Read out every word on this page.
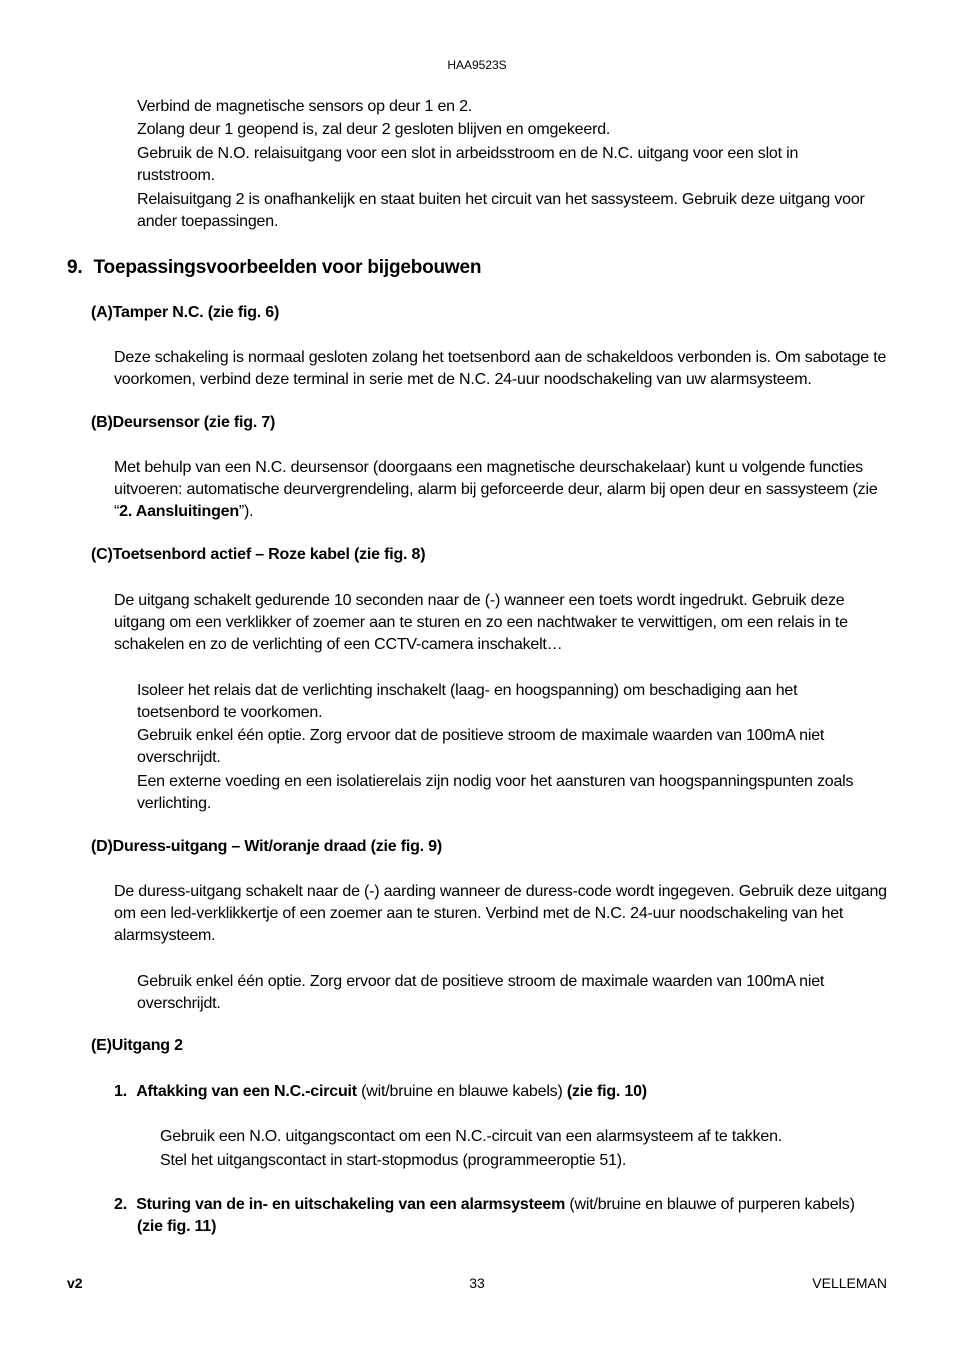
HAA9523S
Verbind de magnetische sensors op deur 1 en 2.
Zolang deur 1 geopend is, zal deur 2 gesloten blijven en omgekeerd.
Gebruik de N.O. relaisuitgang voor een slot in arbeidsstroom en de N.C. uitgang voor een slot in ruststroom.
Relaisuitgang 2 is onafhankelijk en staat buiten het circuit van het sassysteem. Gebruik deze uitgang voor ander toepassingen.
9. Toepassingsvoorbeelden voor bijgebouwen
(A)Tamper N.C. (zie fig. 6)
Deze schakeling is normaal gesloten zolang het toetsenbord aan de schakeldoos verbonden is. Om sabotage te voorkomen, verbind deze terminal in serie met de N.C. 24-uur noodschakeling van uw alarmsysteem.
(B)Deursensor (zie fig. 7)
Met behulp van een N.C. deursensor (doorgaans een magnetische deurschakelaar) kunt u volgende functies uitvoeren: automatische deurvergrendeling, alarm bij geforceerde deur, alarm bij open deur en sassysteem (zie “2. Aansluitingen”).
(C)Toetsenbord actief – Roze kabel (zie fig. 8)
De uitgang schakelt gedurende 10 seconden naar de (-) wanneer een toets wordt ingedrukt. Gebruik deze uitgang om een verklikker of zoemer aan te sturen en zo een nachtwaker te verwittigen, om een relais in te schakelen en zo de verlichting of een CCTV-camera inschakelt…
Isoleer het relais dat de verlichting inschakelt (laag- en hoogspanning) om beschadiging aan het toetsenbord te voorkomen.
Gebruik enkel één optie. Zorg ervoor dat de positieve stroom de maximale waarden van 100mA niet overschrijdt.
Een externe voeding en een isolatierelais zijn nodig voor het aansturen van hoogspanningspunten zoals verlichting.
(D)Duress-uitgang – Wit/oranje draad (zie fig. 9)
De duress-uitgang schakelt naar de (-) aarding wanneer de duress-code wordt ingegeven. Gebruik deze uitgang om een led-verklikkertje of een zoemer aan te sturen. Verbind met de N.C. 24-uur noodschakeling van het alarmsysteem.
Gebruik enkel één optie. Zorg ervoor dat de positieve stroom de maximale waarden van 100mA niet overschrijdt.
(E)Uitgang 2
1. Aftakking van een N.C.-circuit (wit/bruine en blauwe kabels) (zie fig. 10)
Gebruik een N.O. uitgangscontact om een N.C.-circuit van een alarmsysteem af te takken.
Stel het uitgangscontact in start-stopmodus (programmeeroptie 51).
2. Sturing van de in- en uitschakeling van een alarmsysteem (wit/bruine en blauwe of purperen kabels)
(zie fig. 11)
v2	33	VELLEMAN
